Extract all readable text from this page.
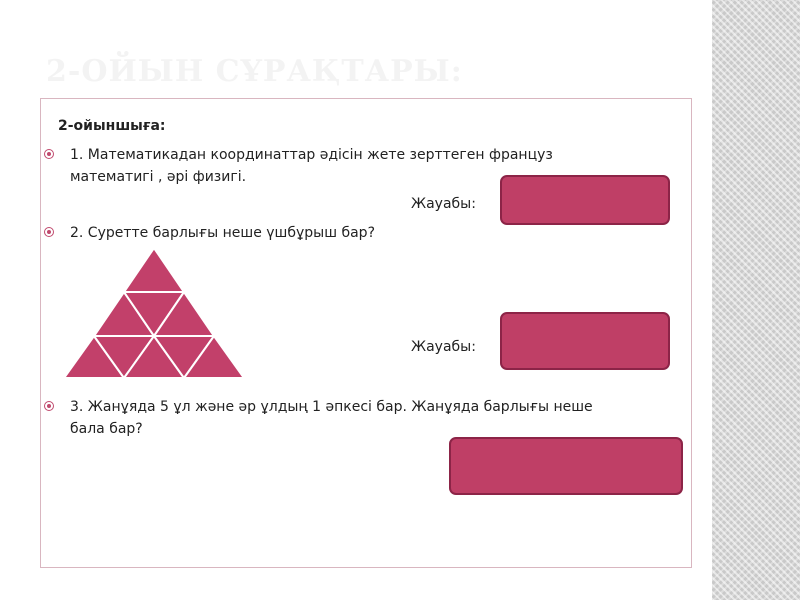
2-ОЙЫН СҰРАҚТАРЫ:
2-ойыншыға:
1. Математикадан координаттар әдісін жете зерттеген француз
математигі , әрі физигі.
Жауабы:
2. Суретте барлығы неше үшбұрыш бар?
Жауабы:
3. Жанұяда 5 ұл және әр ұлдың 1 әпкесі бар. Жанұяда барлығы неше
бала бар?
